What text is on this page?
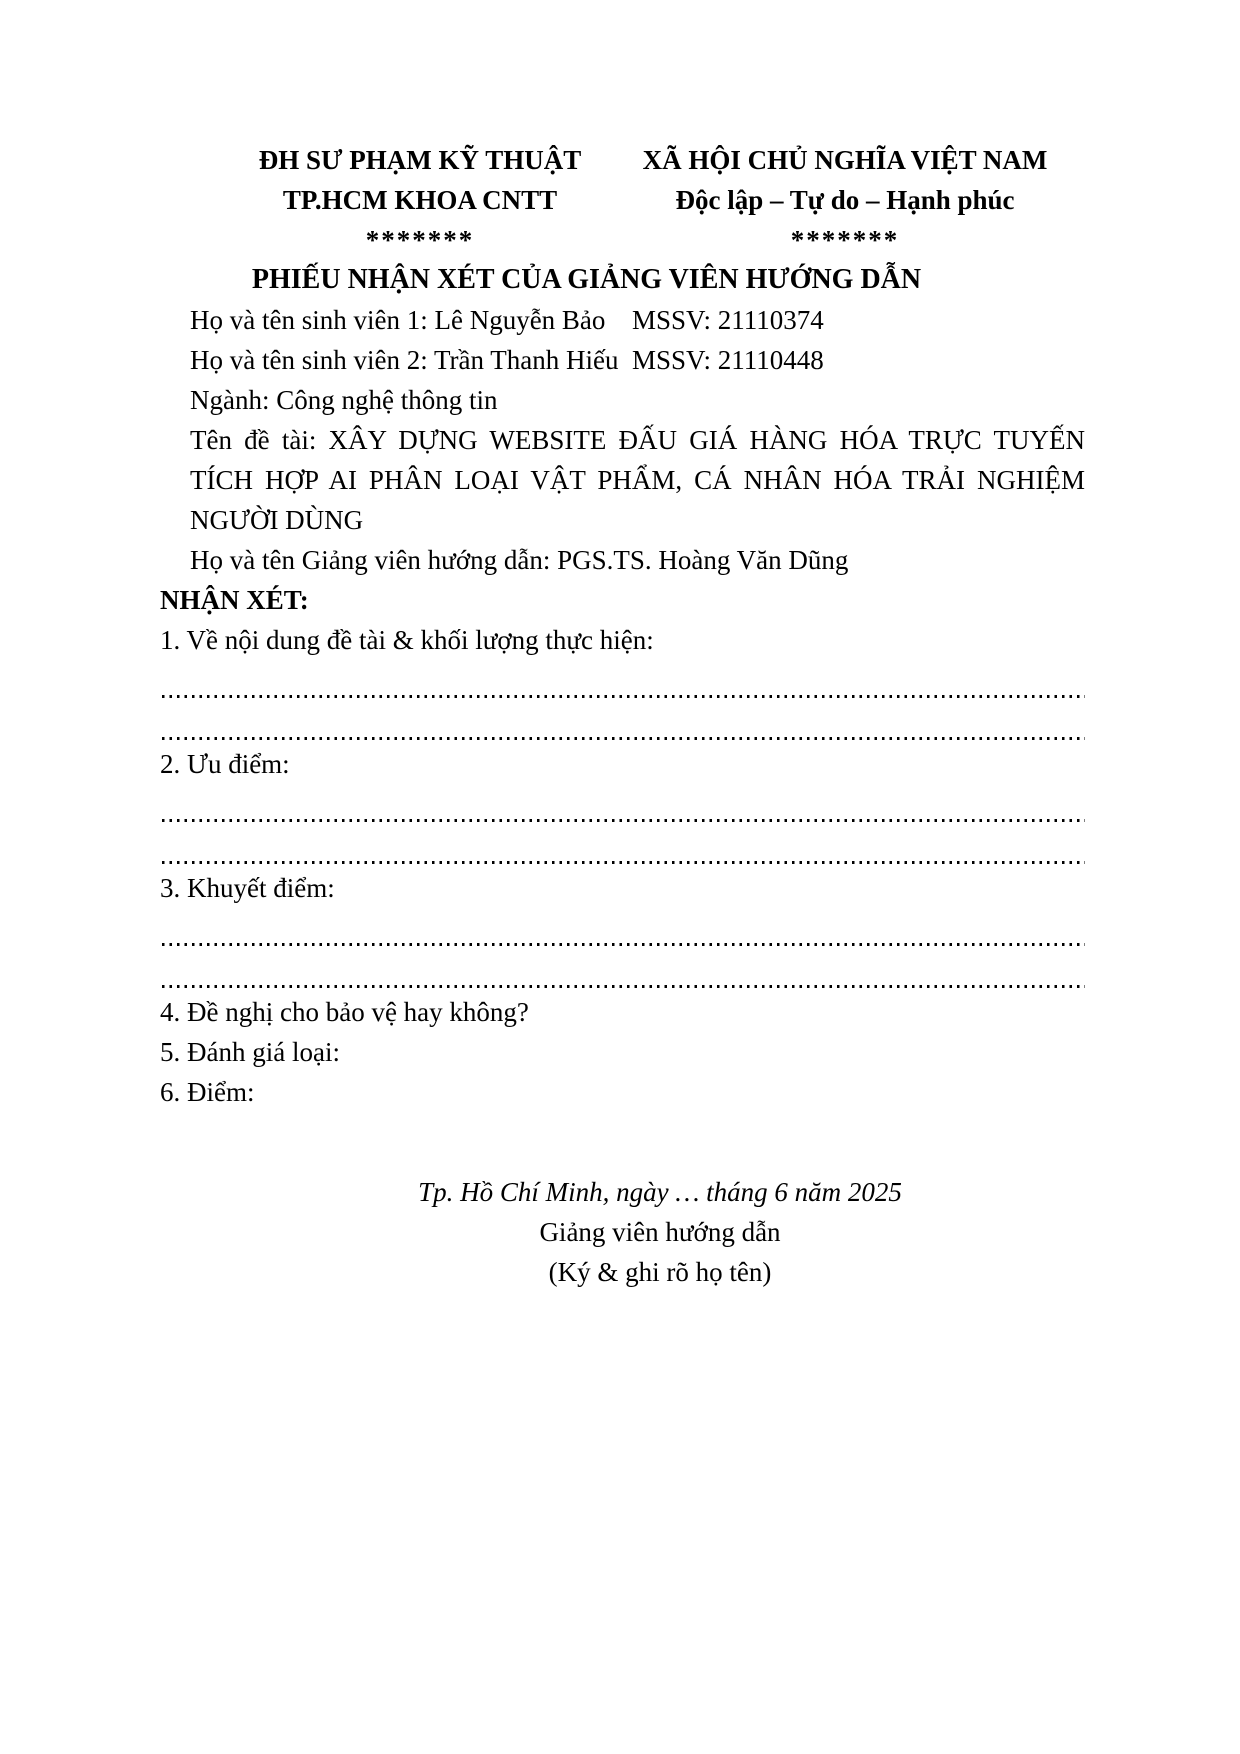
ĐH SƯ PHẠM KỸ THUẬT
TP.HCM KHOA CNTT
*******
XÃ HỘI CHỦ NGHĨA VIỆT NAM
Độc lập – Tự do – Hạnh phúc
*******
PHIẾU NHẬN XÉT CỦA GIẢNG VIÊN HƯỚNG DẪN
Họ và tên sinh viên 1: Lê Nguyễn Bảo MSSV: 21110374
Họ và tên sinh viên 2: Trần Thanh Hiếu MSSV: 21110448
Ngành: Công nghệ thông tin
Tên đề tài: XÂY DỰNG WEBSITE ĐẤU GIÁ HÀNG HÓA TRỰC TUYẾN
TÍCH HỢP AI PHÂN LOẠI VẬT PHẨM, CÁ NHÂN HÓA TRẢI NGHIỆM
NGƯỜI DÙNG
Họ và tên Giảng viên hướng dẫn: PGS.TS. Hoàng Văn Dũng
NHẬN XÉT:
1. Về nội dung đề tài & khối lượng thực hiện:
2. Ưu điểm:
3. Khuyết điểm:
4. Đề nghị cho bảo vệ hay không?
5. Đánh giá loại:
6. Điểm:
Tp. Hồ Chí Minh, ngày … tháng 6 năm 2025
Giảng viên hướng dẫn
(Ký & ghi rõ họ tên)
